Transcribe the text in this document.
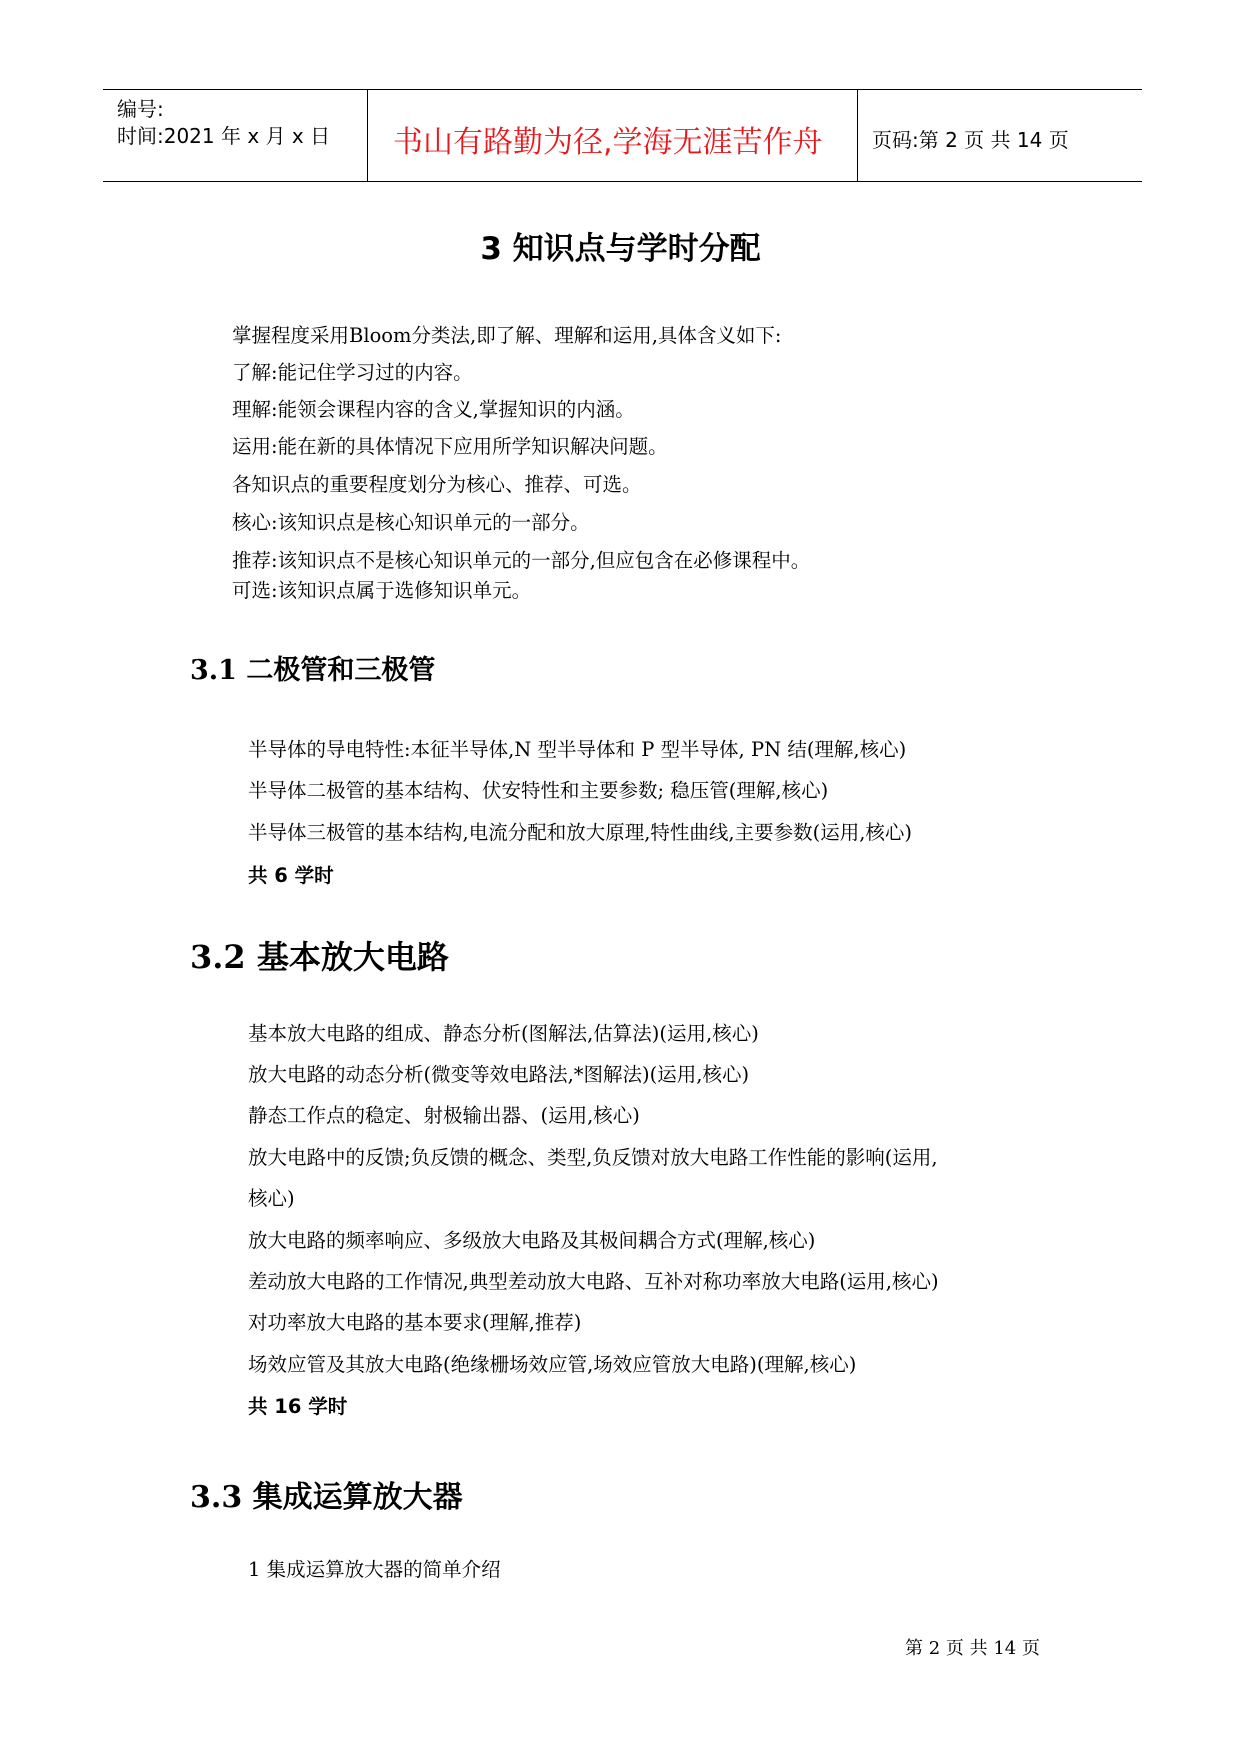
编号:
时间:2021 年 x 月 x 日 书山有路勤为径,学海无涯苦作舟 页码:第 2 页 共 14 页
3 知识点与学时分配
掌握程度采用Bloom分类法,即了解、理解和运用,具体含义如下:
了解:能记住学习过的内容。
理解:能领会课程内容的含义,掌握知识的内涵。
运用:能在新的具体情况下应用所学知识解决问题。
各知识点的重要程度划分为核心、推荐、可选。
核心:该知识点是核心知识单元的一部分。
推荐:该知识点不是核心知识单元的一部分,但应包含在必修课程中。
可选:该知识点属于选修知识单元。
3.1 二极管和三极管
半导体的导电特性:本征半导体,N 型半导体和 P 型半导体, PN 结(理解,核心)
半导体二极管的基本结构、伏安特性和主要参数; 稳压管(理解,核心)
半导体三极管的基本结构,电流分配和放大原理,特性曲线,主要参数(运用,核心)
共 6 学时
3.2 基本放大电路
基本放大电路的组成、静态分析(图解法,估算法)(运用,核心)
放大电路的动态分析(微变等效电路法,*图解法)(运用,核心)
静态工作点的稳定、射极输出器、(运用,核心)
放大电路中的反馈;负反馈的概念、类型,负反馈对放大电路工作性能的影响(运用,
核心)
放大电路的频率响应、多级放大电路及其极间耦合方式(理解,核心)
差动放大电路的工作情况,典型差动放大电路、互补对称功率放大电路(运用,核心)
对功率放大电路的基本要求(理解,推荐)
场效应管及其放大电路(绝缘栅场效应管,场效应管放大电路)(理解,核心)
共 16 学时
3.3 集成运算放大器
1 集成运算放大器的简单介绍
第 2 页 共 14 页
